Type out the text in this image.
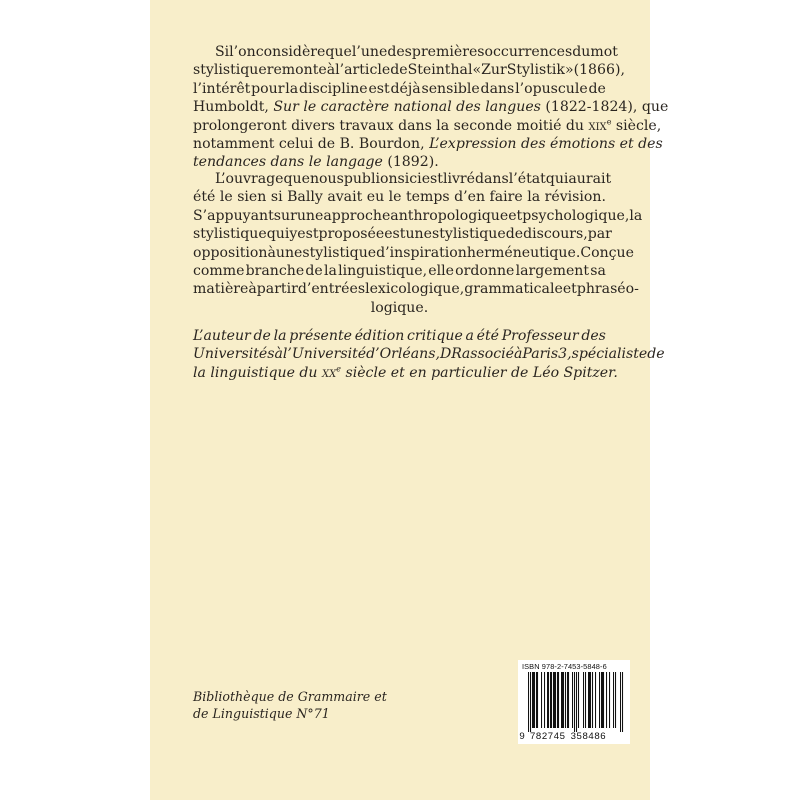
Si l’on considère que l’une des premières occurrences du mot
stylistique remonte à l’article de Steinthal « Zur Stylistik » (1866),
l’intérêt pour la discipline est déjà sensible dans l’opuscule de
Humboldt, Sur le caractère national des langues (1822-1824), que
prolongeront divers travaux dans la seconde moitié du xix$^e$ siècle,
notamment celui de B. Bourdon, L’expression des émotions et des
tendances dans le langage (1892).
L’ouvrage que nous publions ici est livré dans l’état qui aurait
été le sien si Bally avait eu le temps d’en faire la révision.
S’appuyant sur une approche anthropologique et psychologique, la
stylistique qui y est proposée est une stylistique de discours, par
opposition à une stylistique d’inspiration herméneutique. Conçue
comme branche de la linguistique, elle ordonne largement sa
matière à partir d’entrées lexicologique, grammaticale et phraséo-
logique.
L’auteur de la présente édition critique a été Professeur des
Universités à l’Université d’Orléans, DR associé à Paris 3, spécialiste de
la linguistique du $xx^e$ siècle et en particulier de Léo Spitzer.
Bibliothèque de Grammaire et
de Linguistique N°71
ISBN 978-2-7453-5848-6
9 782745 358486
